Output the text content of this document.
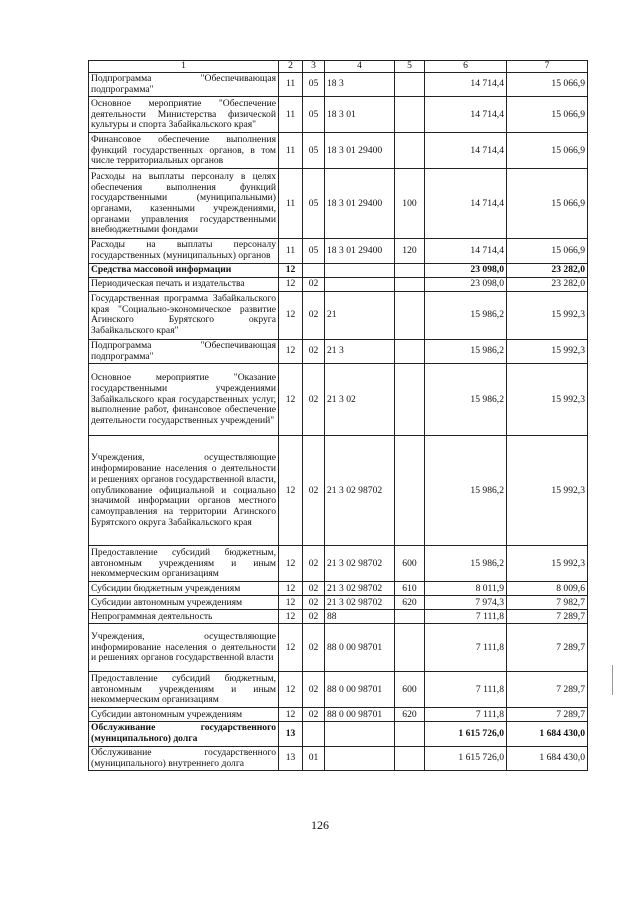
1	2	3	4	5	6	7
Подпрограмма "Обеспечивающая подпрограмма"	11	05	18 3		14 714,4	15 066,9
Основное мероприятие "Обеспечение деятельности Министерства физической культуры и спорта Забайкальского края"	11	05	18 3 01		14 714,4	15 066,9
Финансовое обеспечение выполнения функций государственных органов, в том числе территориальных органов	11	05	18 3 01 29400		14 714,4	15 066,9
Расходы на выплаты персоналу в целях обеспечения выполнения функций государственными (муниципальными) органами, казенными учреждениями, органами управления государственными внебюджетными фондами	11	05	18 3 01 29400	100	14 714,4	15 066,9
Расходы на выплаты персоналу государственных (муниципальных) органов	11	05	18 3 01 29400	120	14 714,4	15 066,9
Средства массовой информации	12				23 098,0	23 282,0
Периодическая печать и издательства	12	02			23 098,0	23 282,0
Государственная программа Забайкальского края "Социально-экономическое развитие Агинского Бурятского округа Забайкальского края"	12	02	21		15 986,2	15 992,3
Подпрограмма "Обеспечивающая подпрограмма"	12	02	21 3		15 986,2	15 992,3
Основное мероприятие "Оказание государственными учреждениями Забайкальского края государственных услуг, выполнение работ, финансовое обеспечение деятельности государственных учреждений"	12	02	21 3 02		15 986,2	15 992,3
Учреждения, осуществляющие информирование населения о деятельности и решениях органов государственной власти, опубликование официальной и социально значимой информации органов местного самоуправления на территории Агинского Бурятского округа Забайкальского края	12	02	21 3 02 98702		15 986,2	15 992,3
Предоставление субсидий бюджетным, автономным учреждениям и иным некоммерческим организациям	12	02	21 3 02 98702	600	15 986,2	15 992,3
Субсидии бюджетным учреждениям	12	02	21 3 02 98702	610	8 011,9	8 009,6
Субсидии автономным учреждениям	12	02	21 3 02 98702	620	7 974,3	7 982,7
Непрограммная деятельность	12	02	88		7 111,8	7 289,7
Учреждения, осуществляющие информирование населения о деятельности и решениях органов государственной власти	12	02	88 0 00 98701		7 111,8	7 289,7
Предоставление субсидий бюджетным, автономным учреждениям и иным некоммерческим организациям	12	02	88 0 00 98701	600	7 111,8	7 289,7
Субсидии автономным учреждениям	12	02	88 0 00 98701	620	7 111,8	7 289,7
Обслуживание государственного (муниципального) долга	13				1 615 726,0	1 684 430,0
Обслуживание государственного (муниципального) внутреннего долга	13	01			1 615 726,0	1 684 430,0
126
